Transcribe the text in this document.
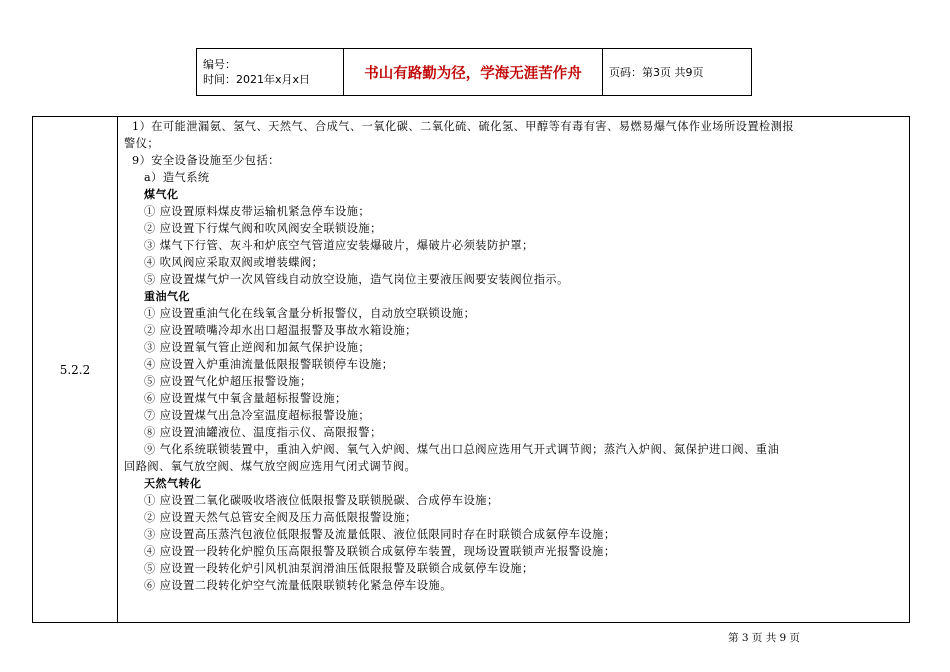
编号：
时间：2021年x月x日	书山有路勤为径，学海无涯苦作舟	页码：第3页 共9页
5.2.2	

1）在可能泄漏氨、氢气、天然气、合成气、一氧化碳、二氧化硫、硫化氢、甲醇等有毒有害、易燃易爆气体作业场所设置检测报

警仪；

9）安全设备设施至少包括：

a）造气系统

煤气化

① 应设置原料煤皮带运输机紧急停车设施；

② 应设置下行煤气阀和吹风阀安全联锁设施；

③ 煤气下行管、灰斗和炉底空气管道应安装爆破片，爆破片必须装防护罩；

④ 吹风阀应采取双阀或增装蝶阀；

⑤ 应设置煤气炉一次风管线自动放空设施，造气岗位主要液压阀要安装阀位指示。

重油气化

① 应设置重油气化在线氧含量分析报警仪，自动放空联锁设施；

② 应设置喷嘴冷却水出口超温报警及事故水箱设施；

③ 应设置氧气管止逆阀和加氮气保护设施；

④ 应设置入炉重油流量低限报警联锁停车设施；

⑤ 应设置气化炉超压报警设施；

⑥ 应设置煤气中氧含量超标报警设施；

⑦ 应设置煤气出急冷室温度超标报警设施；

⑧ 应设置油罐液位、温度指示仪、高限报警；

⑨ 气化系统联锁装置中，重油入炉阀、氧气入炉阀、煤气出口总阀应选用气开式调节阀；蒸汽入炉阀、氮保护进口阀、重油

回路阀、氧气放空阀、煤气放空阀应选用气闭式调节阀。

天然气转化

① 应设置二氧化碳吸收塔液位低限报警及联锁脱碳、合成停车设施；

② 应设置天然气总管安全阀及压力高低限报警设施；

③ 应设置高压蒸汽包液位低限报警及流量低限、液位低限同时存在时联锁合成氨停车设施；

④ 应设置一段转化炉膛负压高限报警及联锁合成氨停车装置，现场设置联锁声光报警设施；

⑤ 应设置一段转化炉引风机油泵润滑油压低限报警及联锁合成氨停车设施；

⑥ 应设置二段转化炉空气流量低限联锁转化紧急停车设施。

第 3 页 共 9 页
